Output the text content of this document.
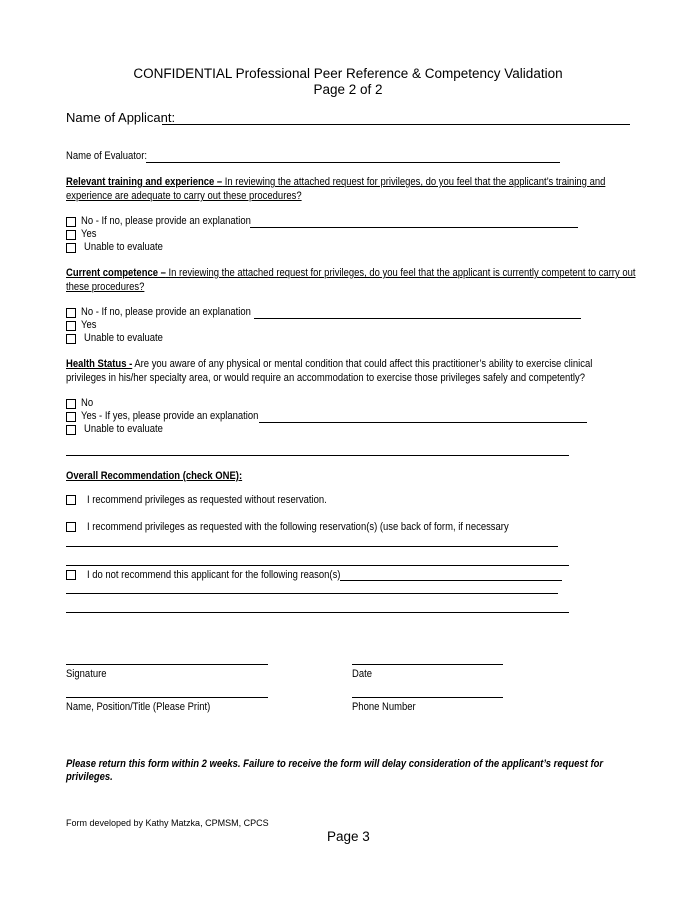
CONFIDENTIAL Professional Peer Reference & Competency Validation
Page 2 of 2
Name of Applicant:
Name of Evaluator:
Relevant training and experience – In reviewing the attached request for privileges, do you feel that the applicant’s training and
experience are adequate to carry out these procedures?
No - If no, please provide an explanation
Yes
Unable to evaluate
Current competence – In reviewing the attached request for privileges, do you feel that the applicant is currently competent to carry out
these procedures?
No - If no, please provide an explanation
Yes
Unable to evaluate
Health Status - Are you aware of any physical or mental condition that could affect this practitioner’s ability to exercise clinical
privileges in his/her specialty area, or would require an accommodation to exercise those privileges safely and competently?
No
Yes - If yes, please provide an explanation
Unable to evaluate
Overall Recommendation (check ONE):
I recommend privileges as requested without reservation.
I recommend privileges as requested with the following reservation(s) (use back of form, if necessary
I do not recommend this applicant for the following reason(s)
Signature	Date
Name, Position/Title (Please Print)	Phone Number
Please return this form within 2 weeks. Failure to receive the form will delay consideration of the applicant’s request for
privileges.
Form developed by Kathy Matzka, CPMSM, CPCS
Page 3
